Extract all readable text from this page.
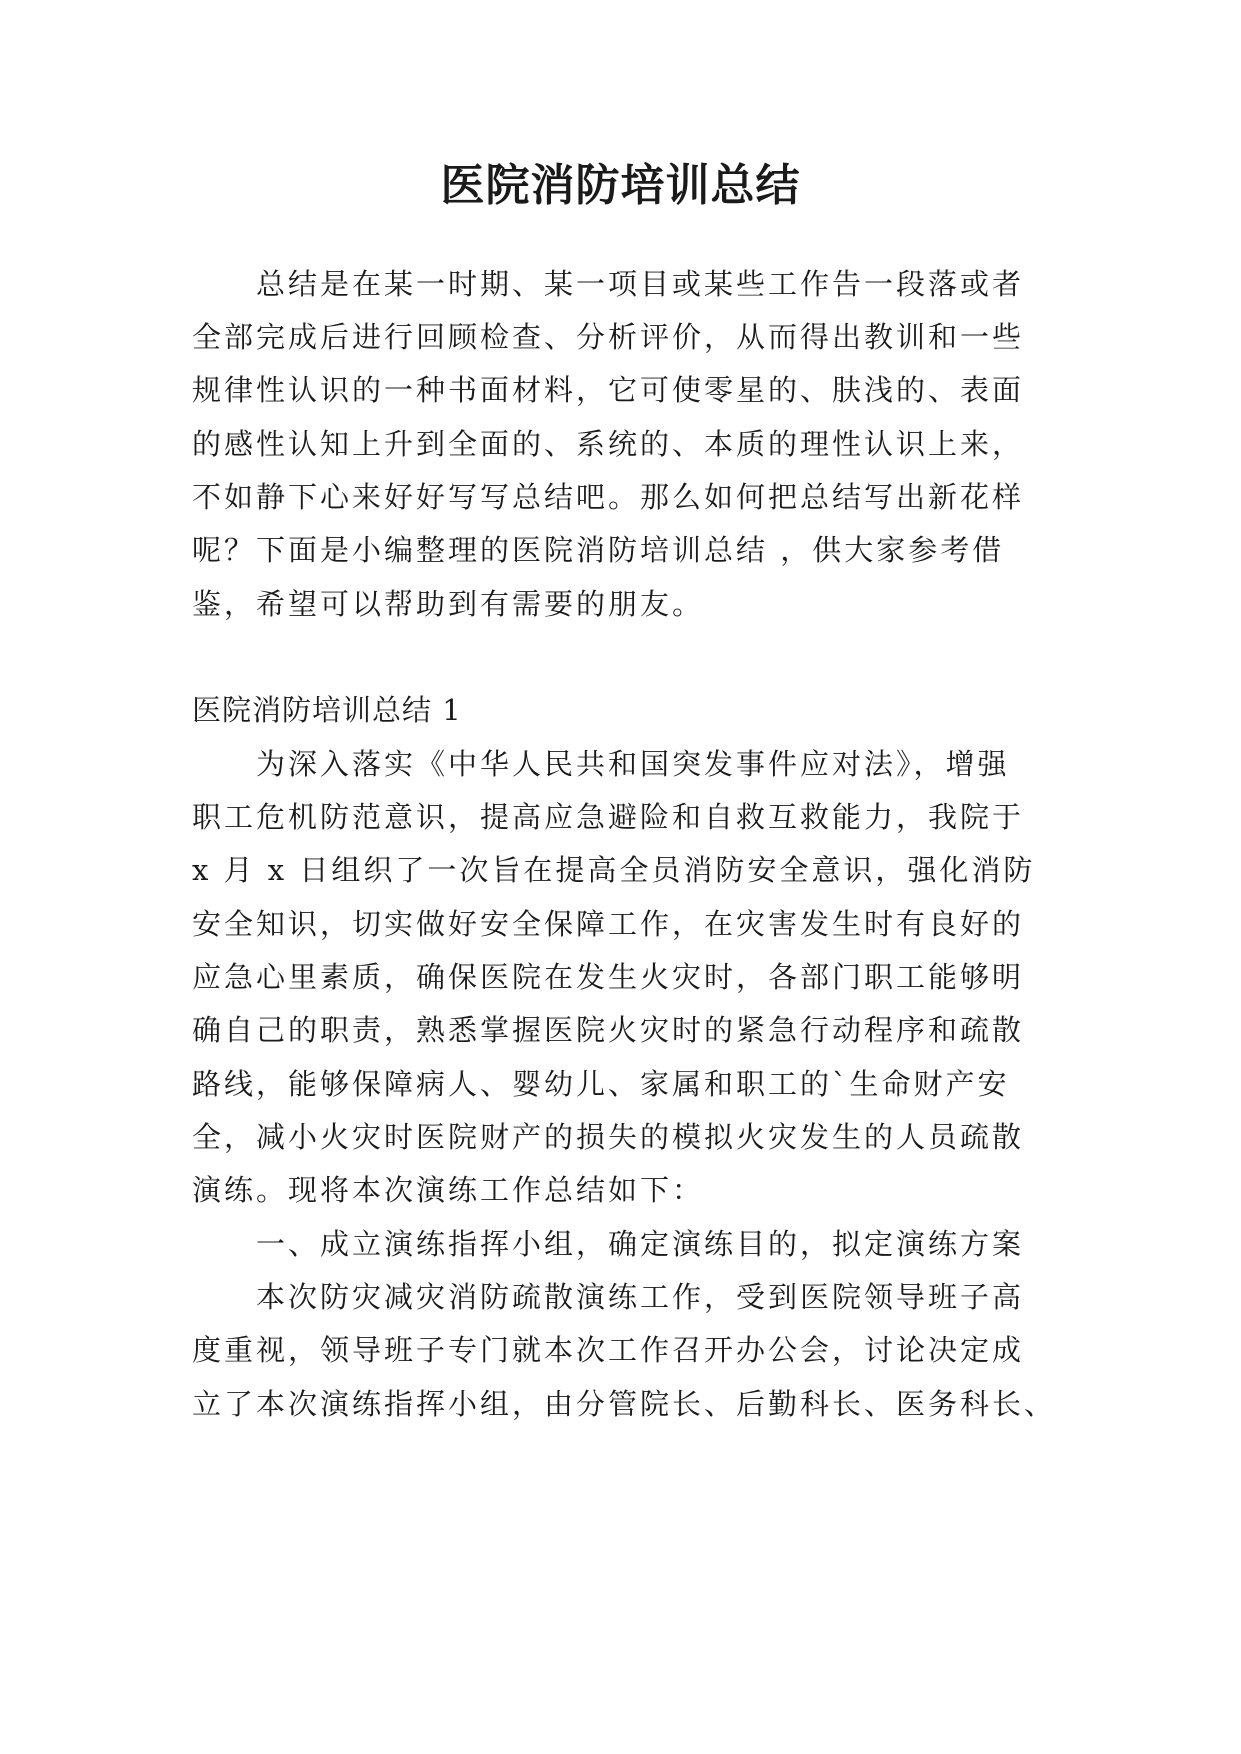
医院消防培训总结

总结是在某一时期、某一项目或某些工作告一段落或者

全部完成后进行回顾检查、分析评价，从而得出教训和一些

规律性认识的一种书面材料，它可使零星的、肤浅的、表面

的感性认知上升到全面的、系统的、本质的理性认识上来，

不如静下心来好好写写总结吧。那么如何把总结写出新花样

呢？下面是小编整理的医院消防培训总结 ，供大家参考借

鉴，希望可以帮助到有需要的朋友。

医院消防培训总结 1

为深入落实《中华人民共和国突发事件应对法》，增强

职工危机防范意识，提高应急避险和自救互救能力，我院于

x 月 x 日组织了一次旨在提高全员消防安全意识，强化消防

安全知识，切实做好安全保障工作，在灾害发生时有良好的

应急心里素质，确保医院在发生火灾时，各部门职工能够明

确自己的职责，熟悉掌握医院火灾时的紧急行动程序和疏散

路线，能够保障病人、婴幼儿、家属和职工的`生命财产安

全，减小火灾时医院财产的损失的模拟火灾发生的人员疏散

演练。现将本次演练工作总结如下：

一、成立演练指挥小组，确定演练目的，拟定演练方案

本次防灾减灾消防疏散演练工作，受到医院领导班子高

度重视，领导班子专门就本次工作召开办公会，讨论决定成

立了本次演练指挥小组，由分管院长、后勤科长、医务科长、
